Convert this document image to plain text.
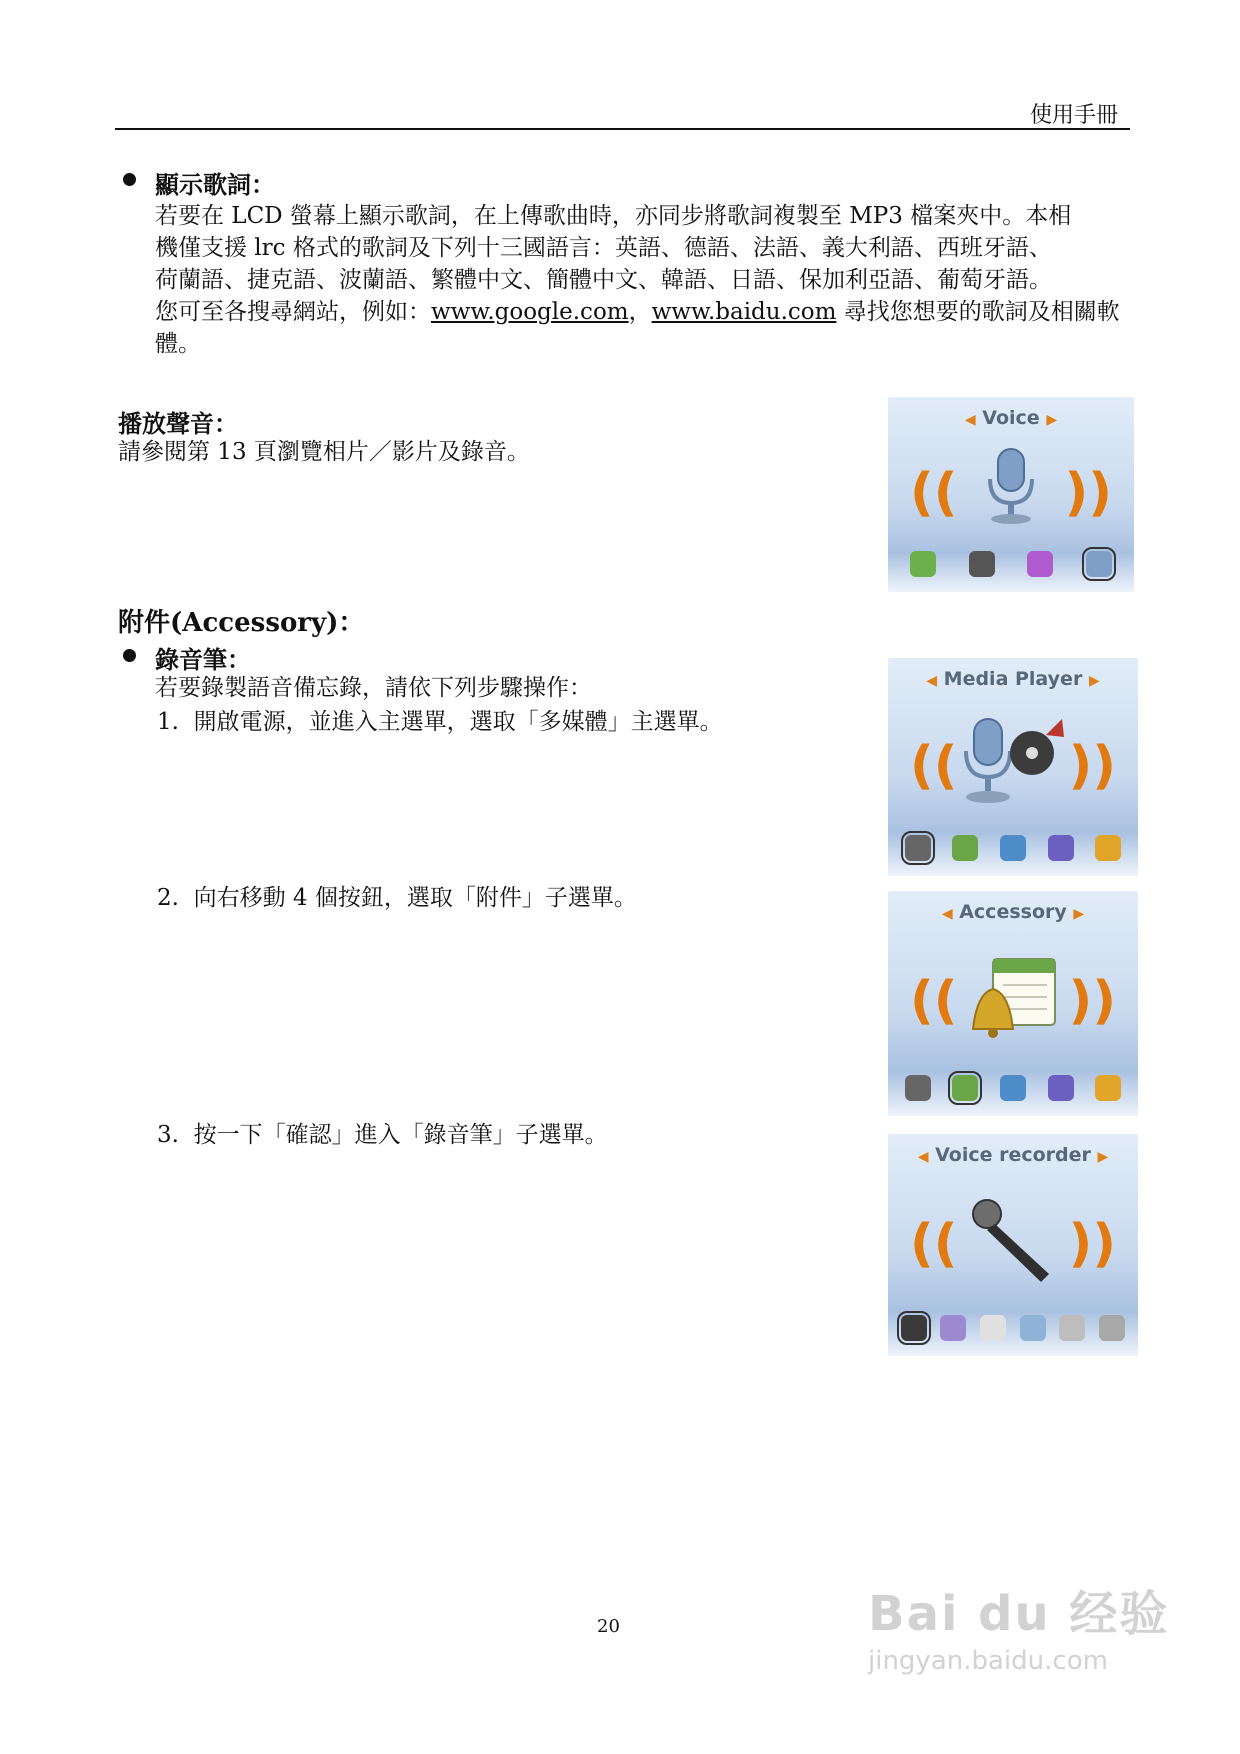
使用手冊
顯示歌詞：
若要在 LCD 螢幕上顯示歌詞，在上傳歌曲時，亦同步將歌詞複製至 MP3 檔案夾中。本相
機僅支援 lrc 格式的歌詞及下列十三國語言：英語、德語、法語、義大利語、西班牙語、
荷蘭語、捷克語、波蘭語、繁體中文、簡體中文、韓語、日語、保加利亞語、葡萄牙語。
您可至各搜尋網站，例如：www.google.com，www.baidu.com 尋找您想要的歌詞及相關軟
體。
播放聲音：
請參閱第 13 頁瀏覽相片／影片及錄音。
附件(Accessory)：
錄音筆：
若要錄製語音備忘錄，請依下列步驟操作：
1. 開啟電源，並進入主選單，選取「多媒體」主選單。
2. 向右移動 4 個按鈕，選取「附件」子選單。
3. 按一下「確認」進入「錄音筆」子選單。
◀ Voice ▶
(( ))
◀ Media Player ▶
(( ))
◀ Accessory ▶
(( ))
◀ Voice recorder ▶
(( ))
20	Bai du 经验
jingyan.baidu.com
